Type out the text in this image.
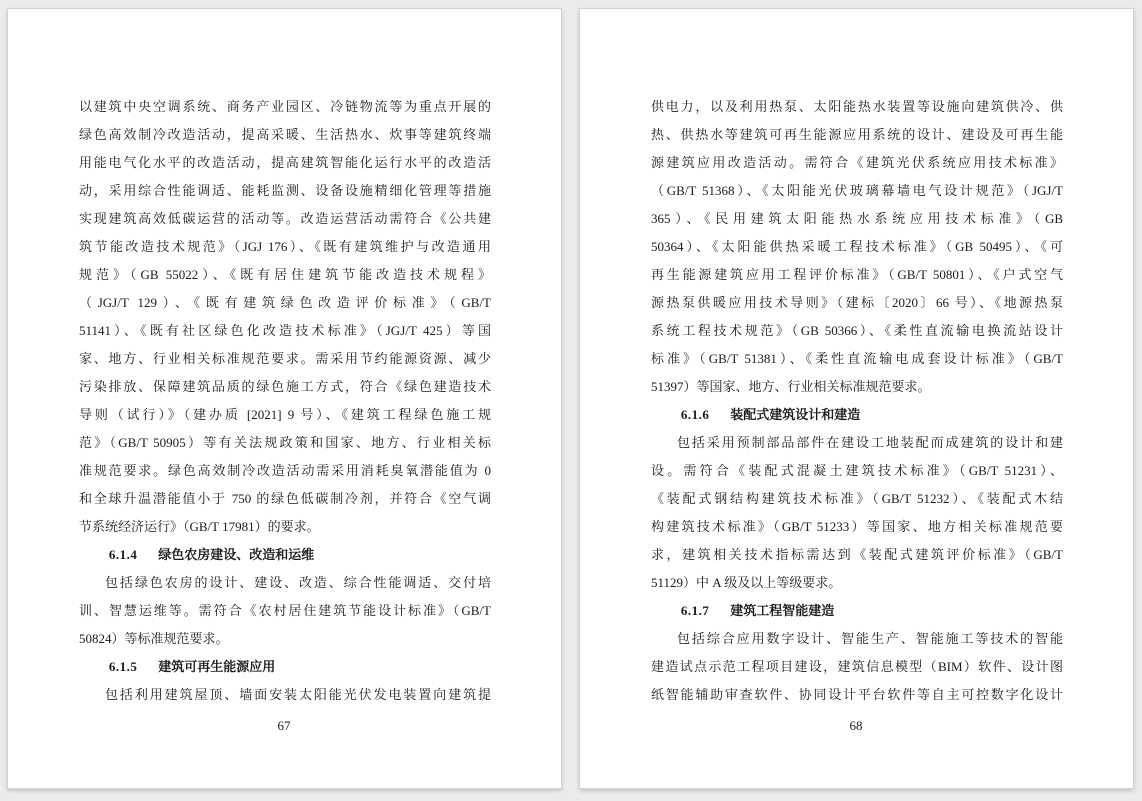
以建筑中央空调系统、商务产业园区、冷链物流等为重点开展的
绿色高效制冷改造活动，提高采暖、生活热水、炊事等建筑终端
用能电气化水平的改造活动，提高建筑智能化运行水平的改造活
动，采用综合性能调适、能耗监测、设备设施精细化管理等措施
实现建筑高效低碳运营的活动等。改造运营活动需符合《公共建
筑节能改造技术规范》（JGJ 176）、《既有建筑维护与改造通用
规范》（GB 55022）、《既有居住建筑节能改造技术规程》
（JGJ/T 129）、《既有建筑绿色改造评价标准》（GB/T
51141）、《既有社区绿色化改造技术标准》（JGJ/T 425）等国
家、地方、行业相关标准规范要求。需采用节约能源资源、减少
污染排放、保障建筑品质的绿色施工方式，符合《绿色建造技术
导则（试行）》（建办质 [2021] 9 号）、《建筑工程绿色施工规
范》（GB/T 50905）等有关法规政策和国家、地方、行业相关标
准规范要求。绿色高效制冷改造活动需采用消耗臭氧潜能值为 0
和全球升温潜能值小于 750 的绿色低碳制冷剂，并符合《空气调
节系统经济运行》（GB/T 17981）的要求。
6.1.4 绿色农房建设、改造和运维
包括绿色农房的设计、建设、改造、综合性能调适、交付培
训、智慧运维等。需符合《农村居住建筑节能设计标准》（GB/T
50824）等标准规范要求。
6.1.5 建筑可再生能源应用
包括利用建筑屋顶、墙面安装太阳能光伏发电装置向建筑提
67
供电力，以及利用热泵、太阳能热水装置等设施向建筑供冷、供
热、供热水等建筑可再生能源应用系统的设计、建设及可再生能
源建筑应用改造活动。需符合《建筑光伏系统应用技术标准》
（GB/T 51368）、《太阳能光伏玻璃幕墙电气设计规范》（JGJ/T
365）、《民用建筑太阳能热水系统应用技术标准》（GB
50364）、《太阳能供热采暖工程技术标准》（GB 50495）、《可
再生能源建筑应用工程评价标准》（GB/T 50801）、《户式空气
源热泵供暖应用技术导则》（建标〔2020〕66 号）、《地源热泵
系统工程技术规范》（GB 50366）、《柔性直流输电换流站设计
标准》（GB/T 51381）、《柔性直流输电成套设计标准》（GB/T
51397）等国家、地方、行业相关标准规范要求。
6.1.6 装配式建筑设计和建造
包括采用预制部品部件在建设工地装配而成建筑的设计和建
设。需符合《装配式混凝土建筑技术标准》（GB/T 51231）、
《装配式钢结构建筑技术标准》（GB/T 51232）、《装配式木结
构建筑技术标准》（GB/T 51233）等国家、地方相关标准规范要
求，建筑相关技术指标需达到《装配式建筑评价标准》（GB/T
51129）中 A 级及以上等级要求。
6.1.7 建筑工程智能建造
包括综合应用数字设计、智能生产、智能施工等技术的智能
建造试点示范工程项目建设，建筑信息模型（BIM）软件、设计图
纸智能辅助审查软件、协同设计平台软件等自主可控数字化设计
68
